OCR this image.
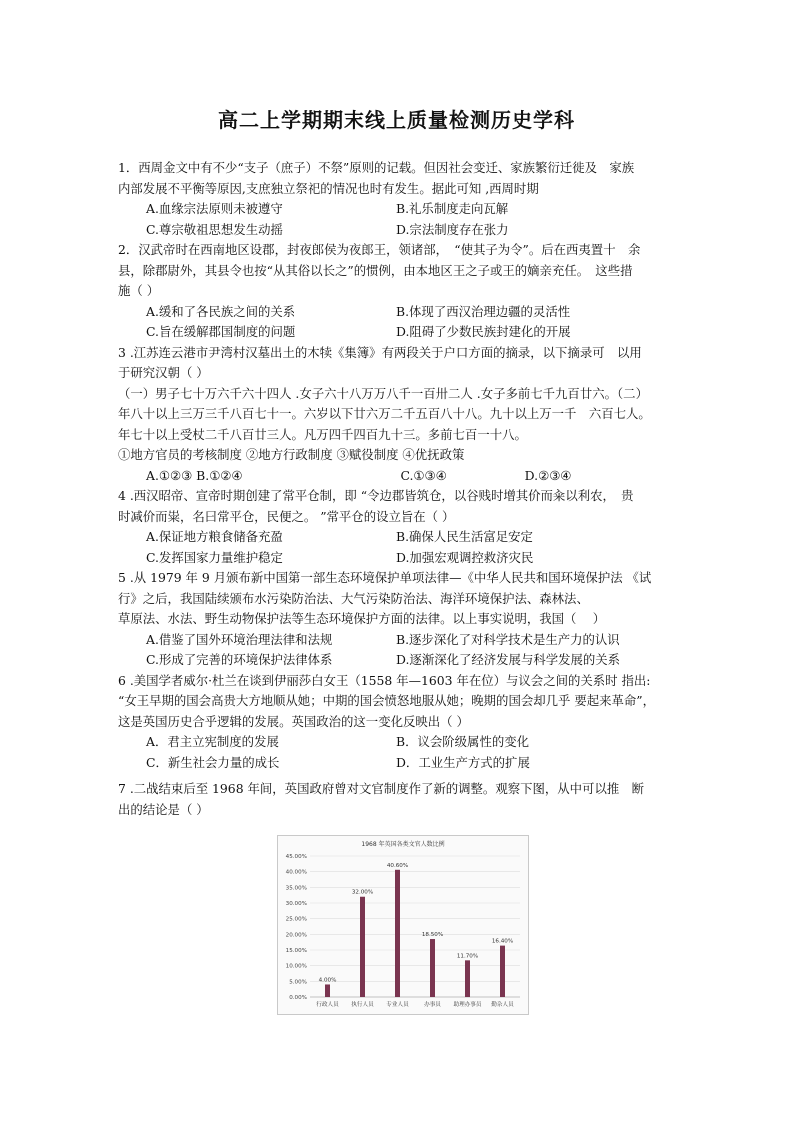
高二上学期期末线上质量检测历史学科
1．西周金文中有不少“支子（庶子）不祭”原则的记载。但因社会变迁、家族繁衍迁徙及　家族
内部发展不平衡等原因,支庶独立祭祀的情况也时有发生。据此可知 ,西周时期
A.血缘宗法原则未被遵守	B.礼乐制度走向瓦解
C.尊宗敬祖思想发生动摇	D.宗法制度存在张力
2．汉武帝时在西南地区设郡，封夜郎侯为夜郎王，领诸部，　“使其子为令”。后在西夷置十　余
县，除郡尉外，其县令也按“从其俗以长之”的惯例，由本地区王之子或王的嫡亲充任。　这些措
施（ ）
A.缓和了各民族之间的关系	B.体现了西汉治理边疆的灵活性
C.旨在缓解郡国制度的问题	D.阻碍了少数民族封建化的开展
3 .江苏连云港市尹湾村汉墓出土的木犊《集簿》有两段关于户口方面的摘录，以下摘录可　以用
于研究汉朝（ ）
（一）男子七十万六千六十四人 .女子六十八万万八千一百卅二人 .女子多前七千九百廿六。（二）
年八十以上三万三千八百七十一。六岁以下廿六万二千五百八十八。九十以上万一千　六百七人。
年七十以上受杖二千八百廿三人。凡万四千四百九十三。多前七百一十八。
①地方官员的考核制度 ②地方行政制度 ③赋役制度 ④优抚政策
A.①②③ B.①②④	C.①③④	D.②③④
4 .西汉昭帝、宣帝时期创建了常平仓制，即 “令边郡皆筑仓，以谷贱时增其价而籴以利农，　贵
时减价而粜，名曰常平仓，民便之。 ”常平仓的设立旨在（ ）
A.保证地方粮食储备充盈	B.确保人民生活富足安定
C.发挥国家力量维护稳定	D.加强宏观调控救济灾民
5 .从 1979 年 9 月颁布新中国第一部生态环境保护单项法律—《中华人民共和国环境保护法 《试
行》之后，我国陆续颁布水污染防治法、大气污染防治法、海洋环境保护法、森林法、
草原法、水法、野生动物保护法等生态环境保护方面的法律。以上事实说明，我国（　 ）
A.借鉴了国外环境治理法律和法规	B.逐步深化了对科学技术是生产力的认识
C.形成了完善的环境保护法律体系	D.逐渐深化了经济发展与科学发展的关系
6 .美国学者威尔·杜兰在谈到伊丽莎白女王（1558 年—1603 年在位）与议会之间的关系时 指出:
“女王早期的国会高贵大方地顺从她；中期的国会愤怒地服从她；晚期的国会却几乎 要起来革命”，
这是英国历史合乎逻辑的发展。英国政治的这一变化反映出（ ）
A．君主立宪制度的发展	B．议会阶级属性的变化
C．新生社会力量的成长	D．工业生产方式的扩展
7 .二战结束后至 1968 年间，英国政府曾对文官制度作了新的调整。观察下图，从中可以推　断
出的结论是（ ）
1968 年英国各类文官人数比例
0.00%
5.00%
10.00%
15.00%
20.00%
25.00%
30.00%
35.00%
40.00%
45.00%
4.00%
32.00%
40.60%
18.50%
11.70%
16.40%
行政人员 执行人员 专业人员	办事员 助理办事员 勤杂人员
